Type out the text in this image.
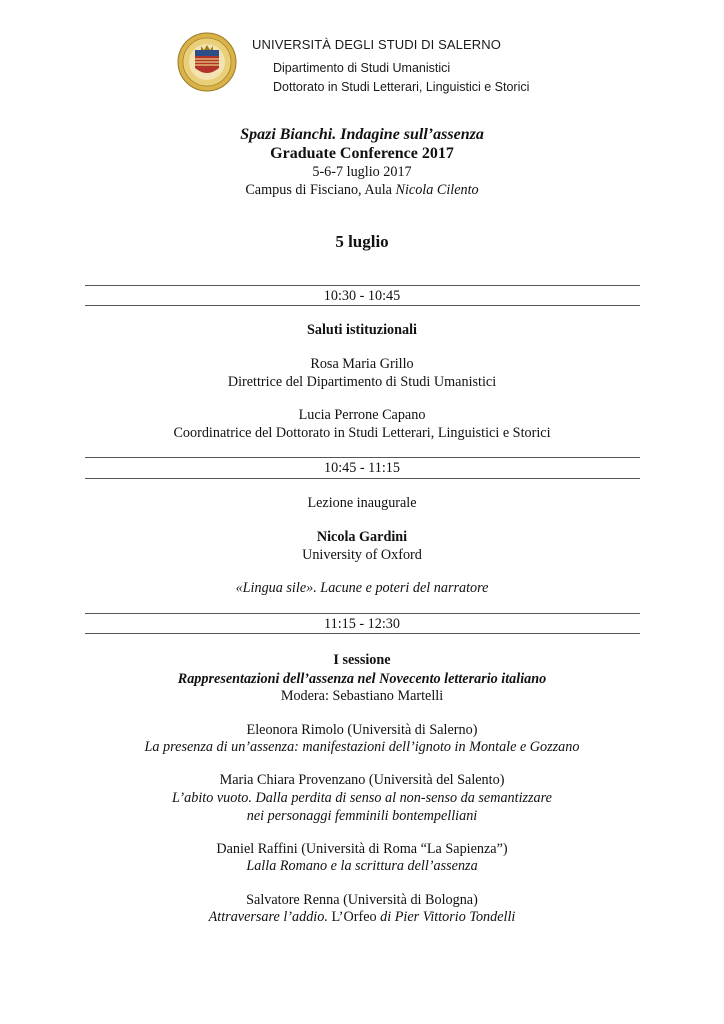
UNIVERSITÀ DEGLI STUDI DI SALERNO
Dipartimento di Studi Umanistici
Dottorato in Studi Letterari, Linguistici e Storici
Spazi Bianchi. Indagine sull’assenza
Graduate Conference 2017
5-6-7 luglio 2017
Campus di Fisciano, Aula Nicola Cilento
5 luglio
10:30 - 10:45
Saluti istituzionali
Rosa Maria Grillo
Direttrice del Dipartimento di Studi Umanistici
Lucia Perrone Capano
Coordinatrice del Dottorato in Studi Letterari, Linguistici e Storici
10:45 - 11:15
Lezione inaugurale
Nicola Gardini
University of Oxford
«Lingua sile». Lacune e poteri del narratore
11:15 - 12:30
I sessione
Rappresentazioni dell’assenza nel Novecento letterario italiano
Modera: Sebastiano Martelli
Eleonora Rimolo (Università di Salerno)
La presenza di un’assenza: manifestazioni dell’ignoto in Montale e Gozzano
Maria Chiara Provenzano (Università del Salento)
L’abito vuoto. Dalla perdita di senso al non-senso da semantizzare
nei personaggi femminili bontempelliani
Daniel Raffini (Università di Roma “La Sapienza”)
Lalla Romano e la scrittura dell’assenza
Salvatore Renna (Università di Bologna)
Attraversare l’addio. L’Orfeo di Pier Vittorio Tondelli
